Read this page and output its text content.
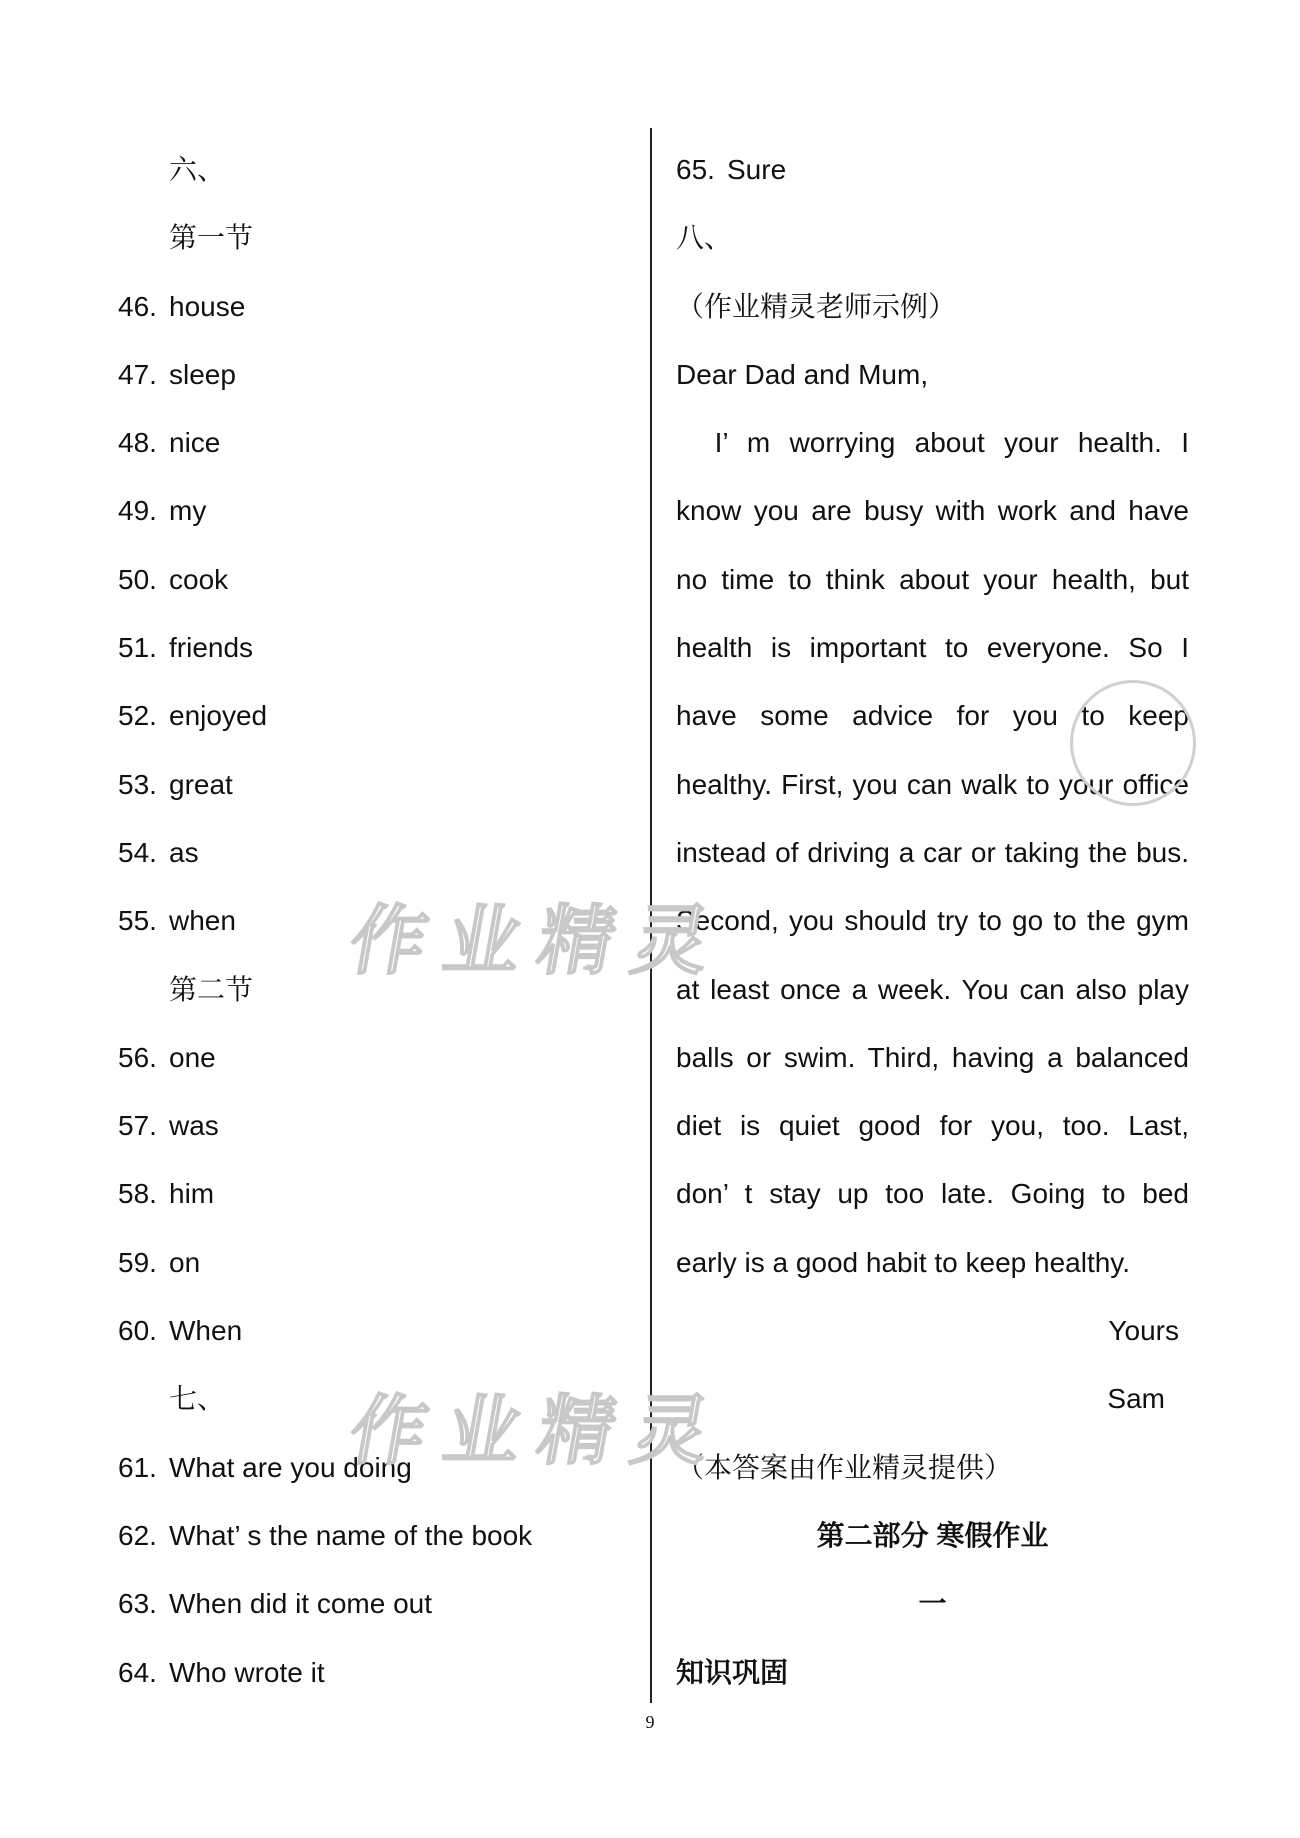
六、
第一节
46. house
47. sleep
48. nice
49. my
50. cook
51. friends
52. enjoyed
53. great
54. as
55. when
第二节
56. one
57. was
58. him
59. on
60. When
七、
61. What are you doing
62. What’ s the name of the book
63. When did it come out
64. Who wrote it
65. Sure
八、
（作业精灵老师示例）
Dear Dad and Mum,
I’ m worrying about your health. I
know you are busy with work and have
no time to think about your health, but
health is important to everyone. So I
have some advice for you to keep
healthy. First, you can walk to your office
instead of driving a car or taking the bus.
Second, you should try to go to the gym
at least once a week. You can also play
balls or swim. Third, having a balanced
diet is quiet good for you, too. Last,
don’ t stay up too late. Going to bed
early is a good habit to keep healthy.
Yours
Sam
（本答案由作业精灵提供）
第二部分 寒假作业
一
知识巩固
作业精灵
作业精灵
9
